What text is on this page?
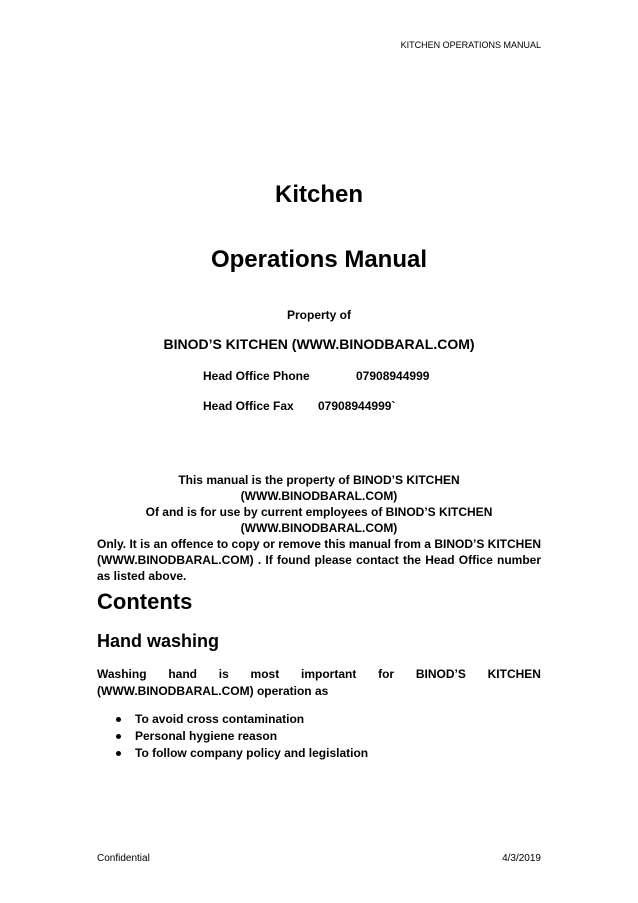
KITCHEN OPERATIONS MANUAL
Kitchen
Operations Manual
Property of
BINOD’S KITCHEN (WWW.BINODBARAL.COM)
Head Office Phone	07908944999
Head Office Fax 07908944999`
This manual is the property of BINOD’S KITCHEN
(WWW.BINODBARAL.COM)
Of and is for use by current employees of BINOD’S KITCHEN
(WWW.BINODBARAL.COM)
Only. It is an offence to copy or remove this manual from a BINOD’S KITCHEN (WWW.BINODBARAL.COM) . If found please contact the Head Office number as listed above.
Contents
Hand washing
Washing hand is most important for BINOD’S KITCHEN
(WWW.BINODBARAL.COM) operation as
To avoid cross contamination
Personal hygiene reason
To follow company policy and legislation
Confidential	4/3/2019
